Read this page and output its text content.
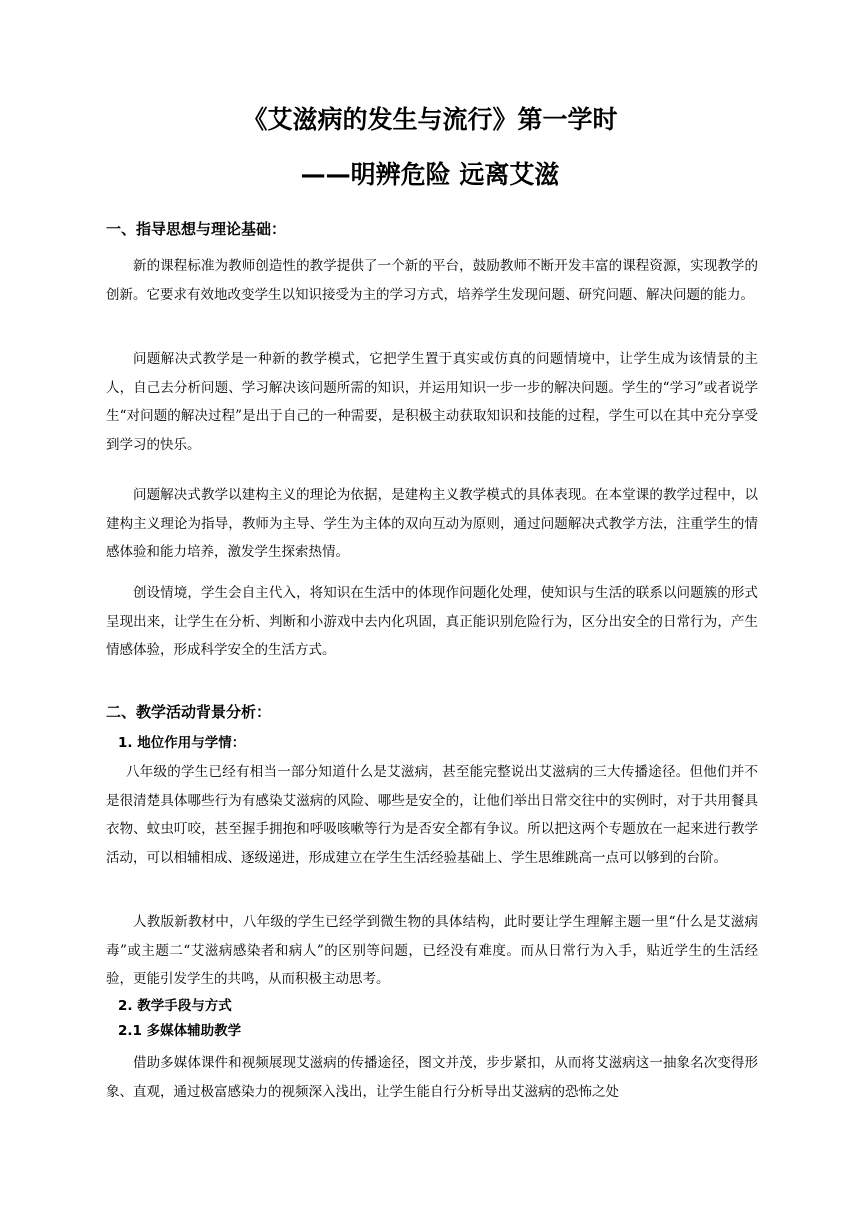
《艾滋病的发生与流行》第一学时
——明辨危险 远离艾滋
一、指导思想与理论基础：

新的课程标准为教师创造性的教学提供了一个新的平台，鼓励教师不断开发丰富的课程资源，实现教学的创新。它要求有效地改变学生以知识接受为主的学习方式，培养学生发现问题、研究问题、解决问题的能力。

问题解决式教学是一种新的教学模式，它把学生置于真实或仿真的问题情境中，让学生成为该情景的主人，自己去分析问题、学习解决该问题所需的知识，并运用知识一步一步的解决问题。学生的“学习”或者说学生“对问题的解决过程”是出于自己的一种需要，是积极主动获取知识和技能的过程，学生可以在其中充分享受到学习的快乐。

问题解决式教学以建构主义的理论为依据，是建构主义教学模式的具体表现。在本堂课的教学过程中，以建构主义理论为指导，教师为主导、学生为主体的双向互动为原则，通过问题解决式教学方法，注重学生的情感体验和能力培养，激发学生探索热情。

创设情境，学生会自主代入，将知识在生活中的体现作问题化处理，使知识与生活的联系以问题簇的形式呈现出来，让学生在分析、判断和小游戏中去内化巩固，真正能识别危险行为，区分出安全的日常行为，产生情感体验，形成科学安全的生活方式。

二、教学活动背景分析：
1. 地位作用与学情：

八年级的学生已经有相当一部分知道什么是艾滋病，甚至能完整说出艾滋病的三大传播途径。但他们并不是很清楚具体哪些行为有感染艾滋病的风险、哪些是安全的，让他们举出日常交往中的实例时，对于共用餐具衣物、蚊虫叮咬，甚至握手拥抱和呼吸咳嗽等行为是否安全都有争议。所以把这两个专题放在一起来进行教学活动，可以相辅相成、逐级递进，形成建立在学生生活经验基础上、学生思维跳高一点可以够到的台阶。

人教版新教材中，八年级的学生已经学到微生物的具体结构，此时要让学生理解主题一里“什么是艾滋病毒”或主题二“艾滋病感染者和病人”的区别等问题，已经没有难度。而从日常行为入手，贴近学生的生活经验，更能引发学生的共鸣，从而积极主动思考。

2. 教学手段与方式
2.1 多媒体辅助教学

借助多媒体课件和视频展现艾滋病的传播途径，图文并茂，步步紧扣，从而将艾滋病这一抽象名次变得形象、直观，通过极富感染力的视频深入浅出，让学生能自行分析导出艾滋病的恐怖之处
